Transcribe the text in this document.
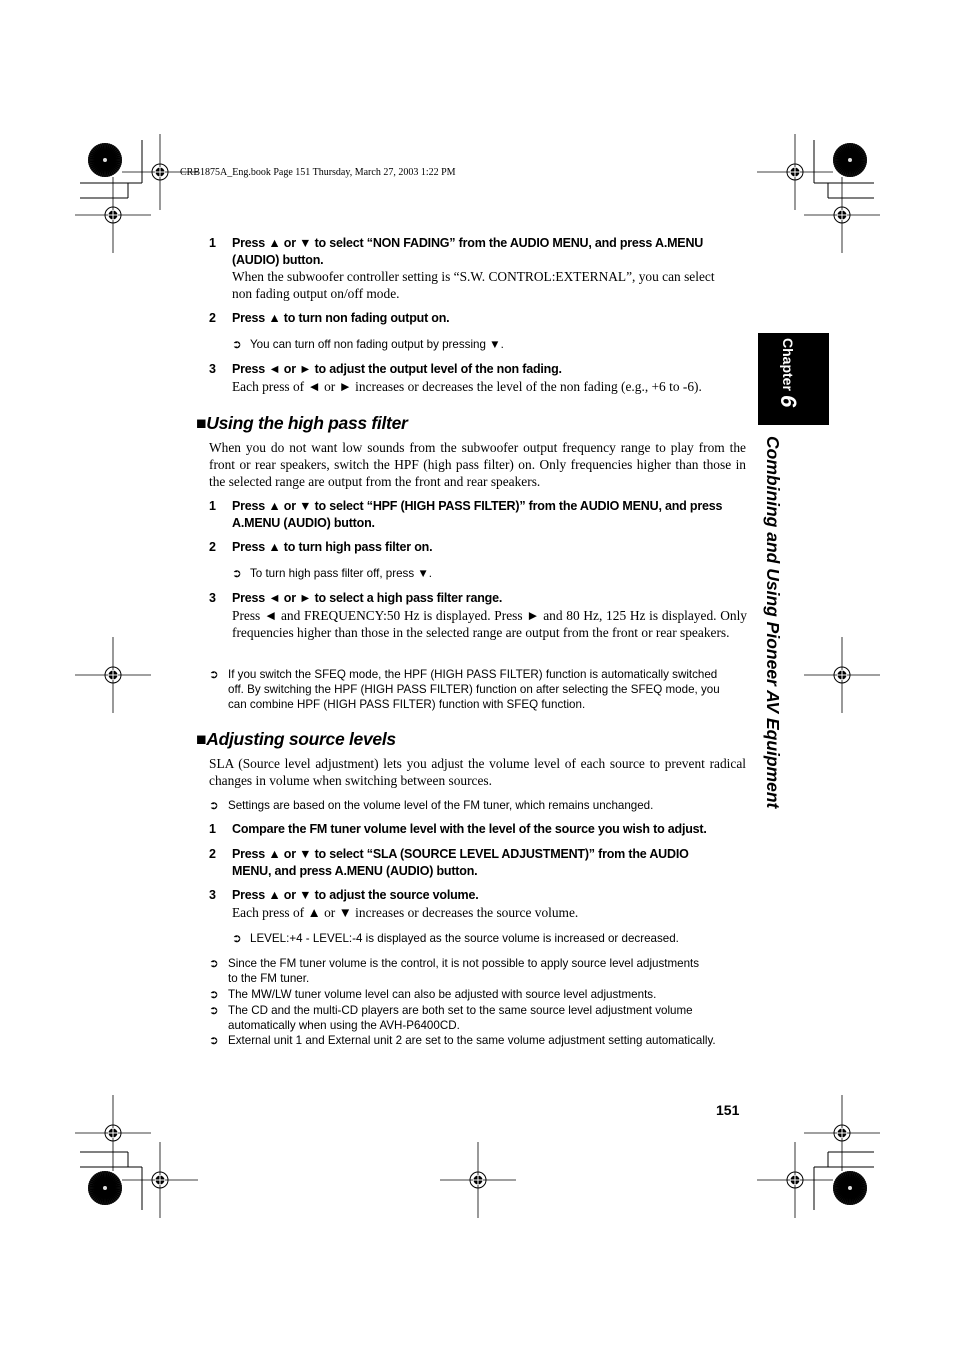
CRB1875A_Eng.book Page 151 Thursday, March 27, 2003 1:22 PM
Chapter6
Combining and Using Pioneer AV Equipment
1 Press ▲ or ▼ to select “NON FADING” from the AUDIO MENU, and press A.MENU (AUDIO) button.
When the subwoofer controller setting is “S.W. CONTROL:EXTERNAL”, you can select non fading output on/off mode.
2 Press ▲ to turn non fading output on.
➲ You can turn off non fading output by pressing ▼.
3 Press ◄ or ► to adjust the output level of the non fading.
Each press of ◄ or ► increases or decreases the level of the non fading (e.g., +6 to -6).
■Using the high pass filter
When you do not want low sounds from the subwoofer output frequency range to play from the front or rear speakers, switch the HPF (high pass filter) on. Only frequencies higher than those in the selected range are output from the front and rear speakers.
1 Press ▲ or ▼ to select “HPF (HIGH PASS FILTER)” from the AUDIO MENU, and press A.MENU (AUDIO) button.
2 Press ▲ to turn high pass filter on.
➲ To turn high pass filter off, press ▼.
3 Press ◄ or ► to select a high pass filter range.
Press ◄ and FREQUENCY:50 Hz is displayed. Press ► and 80 Hz, 125 Hz is displayed. Only frequencies higher than those in the selected range are output from the front or rear speakers.
➲ If you switch the SFEQ mode, the HPF (HIGH PASS FILTER) function is automatically switched off. By switching the HPF (HIGH PASS FILTER) function on after selecting the SFEQ mode, you can combine HPF (HIGH PASS FILTER) function with SFEQ function.
■Adjusting source levels
SLA (Source level adjustment) lets you adjust the volume level of each source to prevent radical changes in volume when switching between sources.
➲ Settings are based on the volume level of the FM tuner, which remains unchanged.
1 Compare the FM tuner volume level with the level of the source you wish to adjust.
2 Press ▲ or ▼ to select “SLA (SOURCE LEVEL ADJUSTMENT)” from the AUDIO MENU, and press A.MENU (AUDIO) button.
3 Press ▲ or ▼ to adjust the source volume.
Each press of ▲ or ▼ increases or decreases the source volume.
➲ LEVEL:+4 - LEVEL:-4 is displayed as the source volume is increased or decreased.
➲ Since the FM tuner volume is the control, it is not possible to apply source level adjustments to the FM tuner.
➲ The MW/LW tuner volume level can also be adjusted with source level adjustments.
➲ The CD and the multi-CD players are both set to the same source level adjustment volume automatically when using the AVH-P6400CD.
➲ External unit 1 and External unit 2 are set to the same volume adjustment setting automatically.
151
